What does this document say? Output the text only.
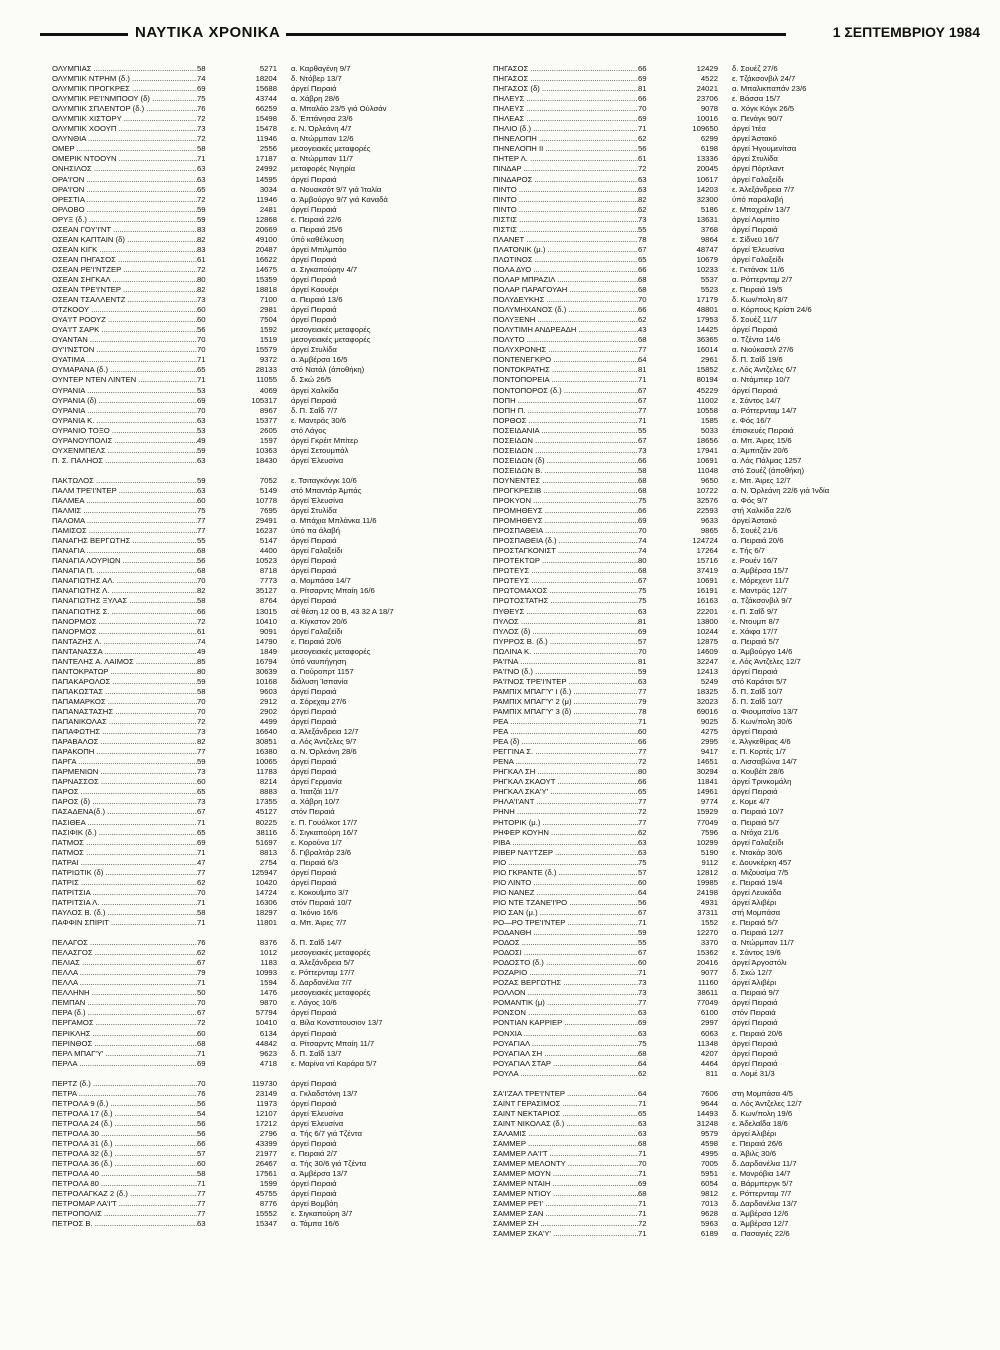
ΝΑΥΤΙΚΑ ΧΡΟΝΙΚΑ	1 ΣΕΠΤΕΜΒΡΙΟΥ 1984
ΟΛΥΜΠΙΑΣ .....	58	5271	α. Καρθαγένη 9/7
ΟΛΥΜΠΙΚ ΝΤΡΗΜ (δ.) .....	74	18204	δ. Ντόβερ 13/7
ΟΛΥΜΠΙΚ ΠΡΟΓΚΡΕΣ .....	69	15688	άργεί Πειραιά
ΟΛΥΜΠΙΚ ΡΕ'Ι'ΝΜΠΟΟΥ (δ) .....	75	43744	α. Χάβρη 28/6
ΟΛΥΜΠΙΚ ΣΠΛΕΝΤΟΡ (δ.) .....	76	66259	α. Μπαλάο 23/5 γιά Ούλσάν
ΟΛΥΜΠΙΚ ΧΙΣΤΟΡΥ .....	72	15498	δ. Έπτάνησα 23/6
ΟΛΥΜΠΙΚ ΧΟΟΥΠ .....	73	15478	ε. Ν. Όρλεάνη 4/7
ΟΛΥΝΘΙΑ .....	72	11946	α. Ντώρμπαν 12/6
ΟΜΕΡ .....	58	2556	μεσογειακές μεταφορές
ΟΜΕΡΙΚ ΝΤΟΟΥΝ .....	71	17187	α. Ντώρμπαν 11/7
ΟΝΗΣΙΛΟΣ .....	63	24992	μεταφορές Νιγηρία
ΟΡΑ'Ι'ΟΝ .....	63	14595	άργεί Πειραιά
ΟΡΑ'Ι'ΟΝ .....	65	3034	α. Νουακσότ 9/7 γιά Ίταλία
ΟΡΕΣΤΙΑ .....	72	11946	α. Άμβούργο 9/7 γιά Καναδά
ΟΡΛΟΒΟ .....	59	2481	άργεί Πειραιά
ΟΡΥΞ (δ.) .....	59	12868	ε. Πειραιά 22/6
ΟΣΕΑΝ ΓΟΥ'Ι'ΝΤ .....	83	20669	α. Πειραιά 25/6
ΟΣΕΑΝ ΚΑΠΤΑΙΝ (δ) .....	82	49100	ύπό καθέλκυση
ΟΣΕΑΝ ΚΙΓΚ .....	83	20487	άργεί Μπιλμπάο
ΟΣΕΑΝ ΠΗΓΑΣΟΣ .....	61	16622	άργεί Πειραιά
ΟΣΕΑΝ ΡΕ'Ι'ΝΤΖΕΡ .....	72	14675	α. Σιγκαπούρην 4/7
ΟΣΕΑΝ ΣΗΓΚΑΛ .....	80	15359	άργεί Πειραιά
ΟΣΕΑΝ ΤΡΕ'Ι'ΝΤΕΡ .....	82	18818	άργεί Καουέρι
ΟΣΕΑΝ ΤΣΑΛΛΕΝΤΖ .....	73	7100	α. Πειραιά 13/6
ΟΤΖΚΟΟΥ .....	60	2981	άργεί Πειραιά
ΟΥΑ'Ι'Τ ΡΟΟΥΖ .....	60	7504	άργεί Πειραιά
ΟΥΑ'Ι'Τ ΣΑΡΚ .....	56	1592	μεσογειακές μεταφορές
ΟΥΑΝΤΑΝ .....	70	1519	μεσογειακές μεταφορές
ΟΥ'Ι'ΝΣΤΟΝ .....	70	15579	άργεί Στυλίδα
ΟΥΑΤΙΜΑ .....	71	9372	α. Άμβέρσα 16/5
ΟΥΜΑΡΑΝΑ (δ.) .....	65	28133	στό Νατάλ (άποθήκη)
ΟΥΝΤΕΡ ΝΤΕΝ ΛΙΝΤΕΝ .....	71	11055	δ. Σκώ 26/5
ΟΥΡΑΝΙΑ .....	53	4069	άργεί Χαλκίδα
ΟΥΡΑΝΙΑ (δ) .....	69	105317	άργεί Πειραιά
ΟΥΡΑΝΙΑ .....	70	8967	δ. Π. Σαΐδ 7/7
ΟΥΡΑΝΙΑ Κ. .....	63	15377	ε. Μαντράς 30/6
ΟΥΡΑΝΙΟ ΤΟΞΟ .....	53	2605	στό Λάγος
ΟΥΡΑΝΟΥΠΟΛΙΣ .....	49	1597	άργεί Γκρέιτ Μπίτερ
ΟΥΧΕΝΜΠΕΛΣ .....	59	10363	άργεί Σετουμπάλ
Π. Σ. ΠΑΛΗΟΣ .....	63	18430	άργεί Έλευσίνα
ΠΑΚΤΩΛΟΣ .....	59	7052	ε. Τσιταγκόνγκ 10/6
ΠΑΛΜ ΤΡΕ'Ι'ΝΤΕΡ .....	63	5149	στό Μπαντάρ Άμπάς
ΠΑΛΜΕΑ .....	60	10778	άργεί Έλευσίνα
ΠΑΛΜΙΣ .....	75	7695	άργεί Στυλίδα
ΠΑΛΟΜΑ .....	77	29491	α. Μπάχια Μπλάνκα 11/6
ΠΑΜΙΣΟΣ .....	77	16237	ύπό πα άλαβή
ΠΑΝΑΓΗΣ ΒΕΡΓΩΤΗΣ .....	55	5147	άργεί Πειραιά
ΠΑΝΑΓΙΑ .....	68	4400	άργεί Γαλαξείδι
ΠΑΝΑΓΙΑ ΛΟΥΡΙΩΝ .....	56	10523	άργεί Πειραιά
ΠΑΝΑΓΙΑ Π. .....	68	8718	άργεί Πειραιά
ΠΑΝΑΓΙΩΤΗΣ ΑΛ. .....	70	7773	α. Μομπάσα 14/7
ΠΑΝΑΓΙΩΤΗΣ Λ. .....	82	35127	α. Ρίτσαρντς Μπαίη 16/6
ΠΑΝΑΓΙΩΤΗΣ ΞΥΛΑΣ .....	58	8764	άργεί Πειραιά
ΠΑΝΑΓΙΩΤΗΣ Σ. .....	66	13015	σέ θέση 12 00 Β, 43 32 Α 18/7
ΠΑΝΟΡΜΟΣ .....	72	10410	α. Κίγκστον 20/6
ΠΑΝΟΡΜΟΣ .....	61	9091	άργεί Γαλαξείδι
ΠΑΝΤΑΖΗΣ Λ. .....	74	14790	ε. Πειραιά 20/6
ΠΑΝΤΑΝΑΣΣΑ .....	49	1849	μεσογειακές μεταφορές
ΠΑΝΤΕΛΗΣ Α. ΛΑΙΜΟΣ .....	85	16794	ύπό ναυπήγηση
ΠΑΝΤΟΚΡΑΤΩΡ .....	80	30639	α. Γιούροπρτ 1157
ΠΑΠΑΚΑΡΟΛΟΣ .....	59	10168	διάλυση Ίσπανία
ΠΑΠΑΚΩΣΤΑΣ .....	58	9603	άργεί Πειραιά
ΠΑΠΑΜΑΡΚΟΣ .....	70	2912	α. Σόρεχαμ 27/6
ΠΑΠΑΝΑΣΤΑΣΗΣ .....	70	2902	άργεί Πειραιά
ΠΑΠΑΝΙΚΟΛΑΣ .....	72	4499	άργεί Πειραιά
ΠΑΠΑΦΩΤΗΣ .....	73	16640	α. Άλεξάνδρεια 12/7
ΠΑΡΑΒΑΛΟΣ .....	82	30851	α. Λός Άντζελες 9/7
ΠΑΡΑΚΟΠΗ .....	77	16380	α. Ν. Όρλεάνη 28/6
ΠΑΡΓΑ .....	59	10065	άργεί Πειραιά
ΠΑΡΜΕΝΙΩΝ .....	73	11783	άργεί Πειραιά
ΠΑΡΝΑΣΣΟΣ .....	60	8214	άργεί Γερμανία
ΠΑΡΟΣ .....	65	8883	α. Ίτατζάϊ 11/7
ΠΑΡΟΣ (δ) .....	73	17355	α. Χάβρη 10/7
ΠΑΣΑΔΕΝΑ(δ.) .....	67	45127	στόν Πειραιά
ΠΑΣΙΘΕΑ .....	71	80225	ε. Π. Γουόλκοτ 17/7
ΠΑΣΙΦΙΚ (δ.) .....	65	38116	δ. Σιγκαπούρη 16/7
ΠΑΤΜΟΣ .....	69	51697	ε. Κορούνα 1/7
ΠΑΤΜΟΣ .....	71	8813	δ. Γιβραλτάρ 23/6
ΠΑΤΡΑΙ .....	47	2754	α. Πειραιά 6/3
ΠΑΤΡΙΩΤΙΚ (δ) .....	77	125947	άργεί Πειραιά
ΠΑΤΡΙΣ .....	62	10420	άργεί Πειραιά
ΠΑΤΡΙΤΣΙΑ .....	70	14724	ε. Κοκουΐμπο 3/7
ΠΑΤΡΙΤΣΙΑ Λ. .....	71	16306	στόν Πειραιά 10/7
ΠΑΥΛΟΣ Β. (δ.) .....	58	18297	α. Ίκόνιο 16/6
ΠΑΦΦΙΝ ΣΠΙΡΙΤ .....	71	11801	α. Μπ. Άιρες 7/7
ΠΕΛΑΓΟΣ .....	76	8376	δ. Π. Σαΐδ 14/7
ΠΕΛΑΣΓΟΣ .....	62	1012	μεσογειακές μεταφορές
ΠΕΛΙΑΣ .....	67	1183	α. Άλεξάνδρεια 5/7
ΠΕΛΛΑ .....	79	10993	ε. Ρόττερνταμ 17/7
ΠΕΛΛΑ .....	71	1594	δ. Δαρδανέλια 7/7
ΠΕΛΛΗΝΗ .....	50	1476	μεσογειακές μεταφορές
ΠΕΜΠΑΝ .....	70	9870	ε. Λάγος 10/6
ΠΕΡΑ (δ.) .....	67	57794	άργεί Πειραιά
ΠΕΡΓΑΜΟΣ .....	72	10410	α. Βίλα Κονστιτουσιον 13/7
ΠΕΡΙΚΛΗΣ .....	60	6134	άργεί Πειραιά
ΠΕΡΙΝΘΟΣ .....	68	44842	α. Ρίτσαρντς Μπαίη 11/7
ΠΕΡΛ ΜΠΑΓ'Υ' .....	71	9623	δ. Π. Σαΐδ 13/7
ΠΕΡΛΑ .....	69	4718	ε. Μαρίνα ντί Καράρα 5/7
ΠΕΡΤΖ (δ.) .....	70	119730	άργεί Πειραιά
ΠΕΤΡΑ .....	76	23149	α. Γκλαδστόνη 13/7
ΠΕΤΡΟΛΑ 9 (δ.) .....	56	11973	άργεί Πειραιά
ΠΕΤΡΟΛΑ 17 (δ.) .....	54	12107	άργεί Έλευσίνα
ΠΕΤΡΟΛΑ 24 (δ.) .....	56	17212	άργεί Έλευσίνα
ΠΕΤΡΟΛΑ 30 .....	56	2796	α. Τής 6/7 γιά Τζέντα
ΠΕΤΡΟΛΑ 31 (δ.) .....	66	43399	άργεί Πειραιά
ΠΕΤΡΟΛΑ 32 (δ.) .....	57	21977	ε. Πειραιά 2/7
ΠΕΤΡΟΛΑ 36 (δ.) .....	60	26467	α. Τής 30/6 γιά Τζέντα
ΠΕΤΡΟΛΑ 40 .....	58	17561	α. Άμβέρσα 13/7
ΠΕΤΡΟΛΑ 80 .....	71	1599	άργεί Πειραιά
ΠΕΤΡΟΛΑΓΚΑΖ 2 (δ.) .....	77	45755	άργεί Πειραιά
ΠΕΤΡΟΜΑΡ ΛΑ'Ι'Τ .....	77	8776	άργεί Βομβάη
ΠΕΤΡΟΠΟΛΙΣ .....	77	15552	ε. Σιγκαπούρη 3/7
ΠΕΤΡΟΣ Β. .....	63	15347	α. Τάμπα 16/6
ΠΗΓΑΣΟΣ .....	66	12429	δ. Σουέζ 27/6
ΠΗΓΑΣΟΣ .....	69	4522	ε. Τζάκσονβιλ 24/7
ΠΗΓΑΣΟΣ (δ) .....	81	24021	α. Μπαλικπαπάν 23/6
ΠΗΛΕΥΣ .....	66	23706	ε. Βάσσα 15/7
ΠΗΛΕΥΣ .....	70	9078	α. Χόγκ Κόγκ 26/5
ΠΗΛΕΑΣ .....	69	10016	α. Πενάγκ 90/7
ΠΗΛΙΟ (δ.) .....	71	109650	άργεί Ίτέα
ΠΗΝΕΛΟΠΗ .....	62	6299	άργεί Άστακό
ΠΗΝΕΛΟΠΗ ΙΙ .....	56	6198	άργεί Ήγουμενίτσα
ΠΗΤΕΡ Λ. .....	61	13336	άργεί Στυλίδα
ΠΙΝΔΑΡ .....	72	20045	άργεί Πόρτλαντ
ΠΙΝΔΑΡΟΣ .....	63	10617	άργεί Γαλαξείδι
ΠΙΝΤΟ .....	63	14203	ε. Άλεξάνδρεια 7/7
ΠΙΝΤΟ .....	82	32300	ύπό παραλαβή
ΠΙΝΤΟ .....	62	5186	ε. Μπαχρέιν 13/7
ΠΙΣΤΙΣ .....	73	13631	άργεί Λομπίτο
ΠΙΣΤΙΣ .....	55	3768	άργεί Πειραιά
ΠΛΑΝΕΤ .....	78	9864	ε. Σίδνεϋ 16/7
ΠΛΑΤΟΝΙΚ (μ.) .....	67	48747	άργεί Έλευσίνα
ΠΛΩΤΙΝΟΣ .....	65	10679	άργεί Γαλαξείδι
ΠΟΛΑ ΔΥΟ .....	66	10233	ε. Γκτάνσκ 11/6
ΠΟΛΑΡ ΜΠΡΑΖΙΛ .....	68	5537	α. Ρόττερνταμ 2/7
ΠΟΛΑΡ ΠΑΡΑΓΟΥΑΗ .....	68	5523	ε. Πειραιά 19/5
ΠΟΛΥΔΕΥΚΗΣ .....	70	17179	δ. Κων/πολη 8/7
ΠΟΛΥΜΗΧΑΝΟΣ (δ.) .....	66	48801	α. Κόρπους Κρίστι 24/6
ΠΟΛΥΞΕΝΗ .....	62	17953	δ. Σουέζ 11/7
ΠΟΛΥΤΙΜΗ ΑΝΔΡΕΑΔΗ .....	43	14425	άργεί Πειραιά
ΠΟΛΥΤΟ .....	68	36365	α. Τζέντα 14/6
ΠΟΛΥΧΡΟΝΗΣ .....	77	16014	α. Νιούκαστλ 27/6
ΠΟΝΤΕΝΕΓΚΡΟ .....	64	2961	δ. Π. Σαΐδ 19/6
ΠΟΝΤΟΚΡΑΤΗΣ .....	81	15852	ε. Λός Άντζελες 6/7
ΠΟΝΤΟΠΟΡΕΙΑ .....	71	80194	α. Ντάμπιερ 10/7
ΠΟΝΤΟΠΟΡΟΣ (δ.) .....	67	45229	άργεί Πειραιά
ΠΟΠΗ .....	67	11002	ε. Σάντος 14/7
ΠΟΠΗ Π. .....	77	10558	α. Ρόττερνταμ 14/7
ΠΟΡΘΟΣ .....	71	1585	ε. Φός 16/7
ΠΟΣΕΙΔΑΝΙΑ .....	55	5033	έπισκευές Πειραιά
ΠΟΣΕΙΔΩΝ .....	67	18656	α. Μπ. Άιρες 15/6
ΠΟΣΕΙΔΩΝ .....	73	17941	α. Άμπιτζάν 20/6
ΠΟΣΕΙΔΩΝ (δ) .....	66	10691	α. Λάς Πάλμας 1257
ΠΟΣΕΙΔΩΝ Β. .....	58	11048	στό Σουέζ (άποθήκη)
ΠΟΥΝΕΝΤΕΣ .....	68	9650	ε. Μπ. Άιρες 12/7
ΠΡΟΓΚΡΕΣΙΒ .....	68	10722	α. Ν. Όρλεάνη 22/6 γιά Ίνδία
ΠΡΟΚΥΟΝ .....	75	32576	α. Φός 9/7
ΠΡΟΜΗΘΕΥΣ .....	66	22593	στή Χαλκίδα 22/6
ΠΡΟΜΗΘΕΥΣ .....	69	9633	άργεί Άστακό
ΠΡΟΣΠΑΘΕΙΑ .....	70	9865	δ. Σουέζ 21/6
ΠΡΟΣΠΑΘΕΙΑ (δ.) .....	74	124724	α. Πειραιά 20/6
ΠΡΟΣΤΑΓΚΟΝΙΣΤ .....	74	17264	ε. Τής 6/7
ΠΡΟΤΕΚΤΩΡ .....	80	15716	ε. Ρουέν 16/7
ΠΡΩΤΕΥΣ .....	68	37419	α. Άμβέρσα 15/7
ΠΡΩΤΕΥΣ .....	67	10691	ε. Μόρεχεντ 11/7
ΠΡΩΤΟΜΑΧΟΣ .....	75	16191	ε. Μαντράς 12/7
ΠΡΩΤΟΣΤΑΤΗΣ .....	75	16163	α. Τζάκσονβιλ 9/7
ΠΥΘΕΥΣ .....	63	22201	ε. Π. Σαΐδ 9/7
ΠΥΛΟΣ .....	81	13800	ε. Ντουμπ 8/7
ΠΥΛΟΣ (δ) .....	69	10244	ε. Χάιφα 17/7
ΠΥΡΡΟΣ Β. (δ.) .....	57	12875	α. Πειραιά 5/7
ΠΩΛΙΝΑ Κ. .....	70	14609	α. Άμβούργο 14/6
ΡΑ'Ι'ΝΑ .....	81	32247	ε. Λός Άντζελες 12/7
ΡΑ'Ι'ΝΟ (δ.) .....	59	12413	άργεί Πειραιά
ΡΑ'Ι'ΝΟΣ ΤΡΕ'Ι'ΝΤΕΡ .....	63	5249	στό Καράτσι 5/7
ΡΑΜΠΙΧ ΜΠΑΓ'Υ' Ι (δ.) .....	77	18325	δ. Π. Σαΐδ 10/7
ΡΑΜΠΙΧ ΜΠΑΓ'Υ' 2 (μ) .....	79	32023	δ. Π. Σαΐδ 10/7
ΡΑΜΠΙΧ ΜΠΑΓ'Υ' 3 (δ) .....	78	69016	α. Φιουμιτσίνο 13/7
ΡΕΑ .....	71	9025	δ. Κων/πολη 30/6
ΡΕΑ .....	60	4275	άργεί Πειραιά
ΡΕΑ (δ) .....	66	2995	ε. Άλγκεθίρας 4/6
ΡΕΓΓΙΝΑ Σ. .....	77	9417	ε. Π. Κορτές 1/7
ΡΕΝΑ .....	72	14651	α. Λισσαβώνα 14/7
ΡΗΓΚΑΛ ΣΗ .....	80	30294	α. Κουβέϊτ 28/6
ΡΗΓΚΑΛ ΣΚΑΟΥΤ .....	66	11841	άργεί Τρινκομάλη
ΡΗΓΚΑΛ ΣΚΑ'Υ' .....	65	14961	άργεί Πειραιά
ΡΗΛΑ'Ι'ΑΝΤ .....	77	9774	ε. Κομε 4/7
ΡΗΝΗ .....	72	15929	α. Πειραιά 10/7
ΡΗΤΟΡΙΚ (μ.) .....	77	77049	α. Πειραιά 5/7
ΡΗΦΕΡ ΚΟΥΗΝ .....	62	7596	α. Ντόχα 21/6
ΡΙΒΑ .....	63	10299	άργεί Γαλαξείδι
ΡΙΒΕΡ ΝΑ'Ι'ΤΖΕΡ .....	63	5190	ε. Ντακάρ 30/6
ΡΙΟ .....	75	9112	ε. Δουνκέρκη 457
ΡΙΟ ΓΚΡΑΝΤΕ (δ.) .....	57	12812	α. Μιζουσίμα 7/5
ΡΙΟ ΛΙΝΤΟ .....	60	19985	ε. Πειραιά 19/4
ΡΙΟ ΝΑΝΕΖ .....	64	24198	άργεί Λευκάδα
ΡΙΟ ΝΤΕ ΤΖΑΝΕ'Ι'ΡΟ .....	56	4931	άργεί Άλιβέρι
ΡΙΟ ΣΑΝ (μ.) .....	67	37311	στή Μομπάσα
ΡΟ—ΡΟ ΤΡΕ'Ι'ΝΤΕΡ .....	71	1552	ε. Πειραιά 5/7
ΡΟΔΑΝΘΗ .....	59	12270	α. Πειραιά 12/7
ΡΟΔΟΣ .....	55	3370	α. Ντώρμπαν 11/7
ΡΟΔΟΣΙ .....	67	15362	ε. Σάντος 19/6
ΡΟΔΟΣΤΟ (δ.) .....	60	20416	άργεί Άργοστόλι
ΡΟΖΑΡΙΟ .....	71	9077	δ. Σκώ 12/7
ΡΟΖΑΣ ΒΕΡΓΩΤΗΣ .....	73	11160	άργεί Άλιβέρι
ΡΟΛΛΟΝ .....	73	38611	α. Πειραιά 9/7
ΡΟΜΑΝΤΙΚ (μ) .....	77	77049	άργεί Πειραιά
ΡΟΝΣΟΝ .....	63	6100	στόν Πειραιά
ΡΟΝΤΙΑΝ ΚΑΡΡΙΕΡ .....	69	2997	άργεί Πειραιά
ΡΟΝΧΙΑ .....	63	6063	ε. Πειραιά 20/6
ΡΟΥΑΓΙΑΛ .....	75	11348	άργεί Πειραιά
ΡΟΥΑΓΙΑΛ ΣΗ .....	68	4207	άργεί Πειραιά
ΡΟΥΑΓΙΑΛ ΣΤΑΡ .....	64	4464	άργεί Πειραιά
ΡΟΥΛΑ .....	62	811	α. Λομέ 31/3
ΣΑ'Ι'ΖΑΛ ΤΡΕ'Ι'ΝΤΕΡ .....	64	7606	στη Μομπάσα 4/5
ΣΑΙΝΤ ΓΕΡΑΣΙΜΟΣ .....	71	9644	α. Λός Άντζελες 12/7
ΣΑΙΝΤ ΝΕΚΤΑΡΙΟΣ .....	65	14493	δ. Κων/πολη 19/6
ΣΑΙΝΤ ΝΙΚΟΛΑΣ (δ.) .....	63	31248	ε. Άδελαΐδα 18/6
ΣΑΛΑΜΙΣ .....	63	9579	άργεί Άλιβέρι
ΣΑΜΜΕΡ .....	68	4598	ε. Πειραιά 26/6
ΣΑΜΜΕΡ ΛΑ'Ι'Τ .....	71	4995	α. Άβιλς 30/6
ΣΑΜΜΕΡ ΜΕΛΟΝΤΥ .....	70	7005	δ. Δαρδανέλια 11/7
ΣΑΜΜΕΡ ΜΟΥΝ .....	71	5951	ε. Μονρόβια 14/7
ΣΑΜΜΕΡ ΝΤΑΙΗ .....	69	6054	α. Βάρμπεργκ 5/7
ΣΑΜΜΕΡ ΝΤΙΟΥ .....	68	9812	ε. Ρόττερνταμ 7/7
ΣΑΜΜΕΡ ΡΕ'Ι' .....	71	7013	δ. Δαρδανέλια 13/7
ΣΑΜΜΕΡ ΣΑΝ .....	71	9628	α. Άμβέρσα 12/6
ΣΑΜΜΕΡ ΣΗ .....	72	5963	α. Άμβέρσα 12/7
ΣΑΜΜΕΡ ΣΚΑ'Υ' .....	71	6189	α. Πασαγιές 22/6
